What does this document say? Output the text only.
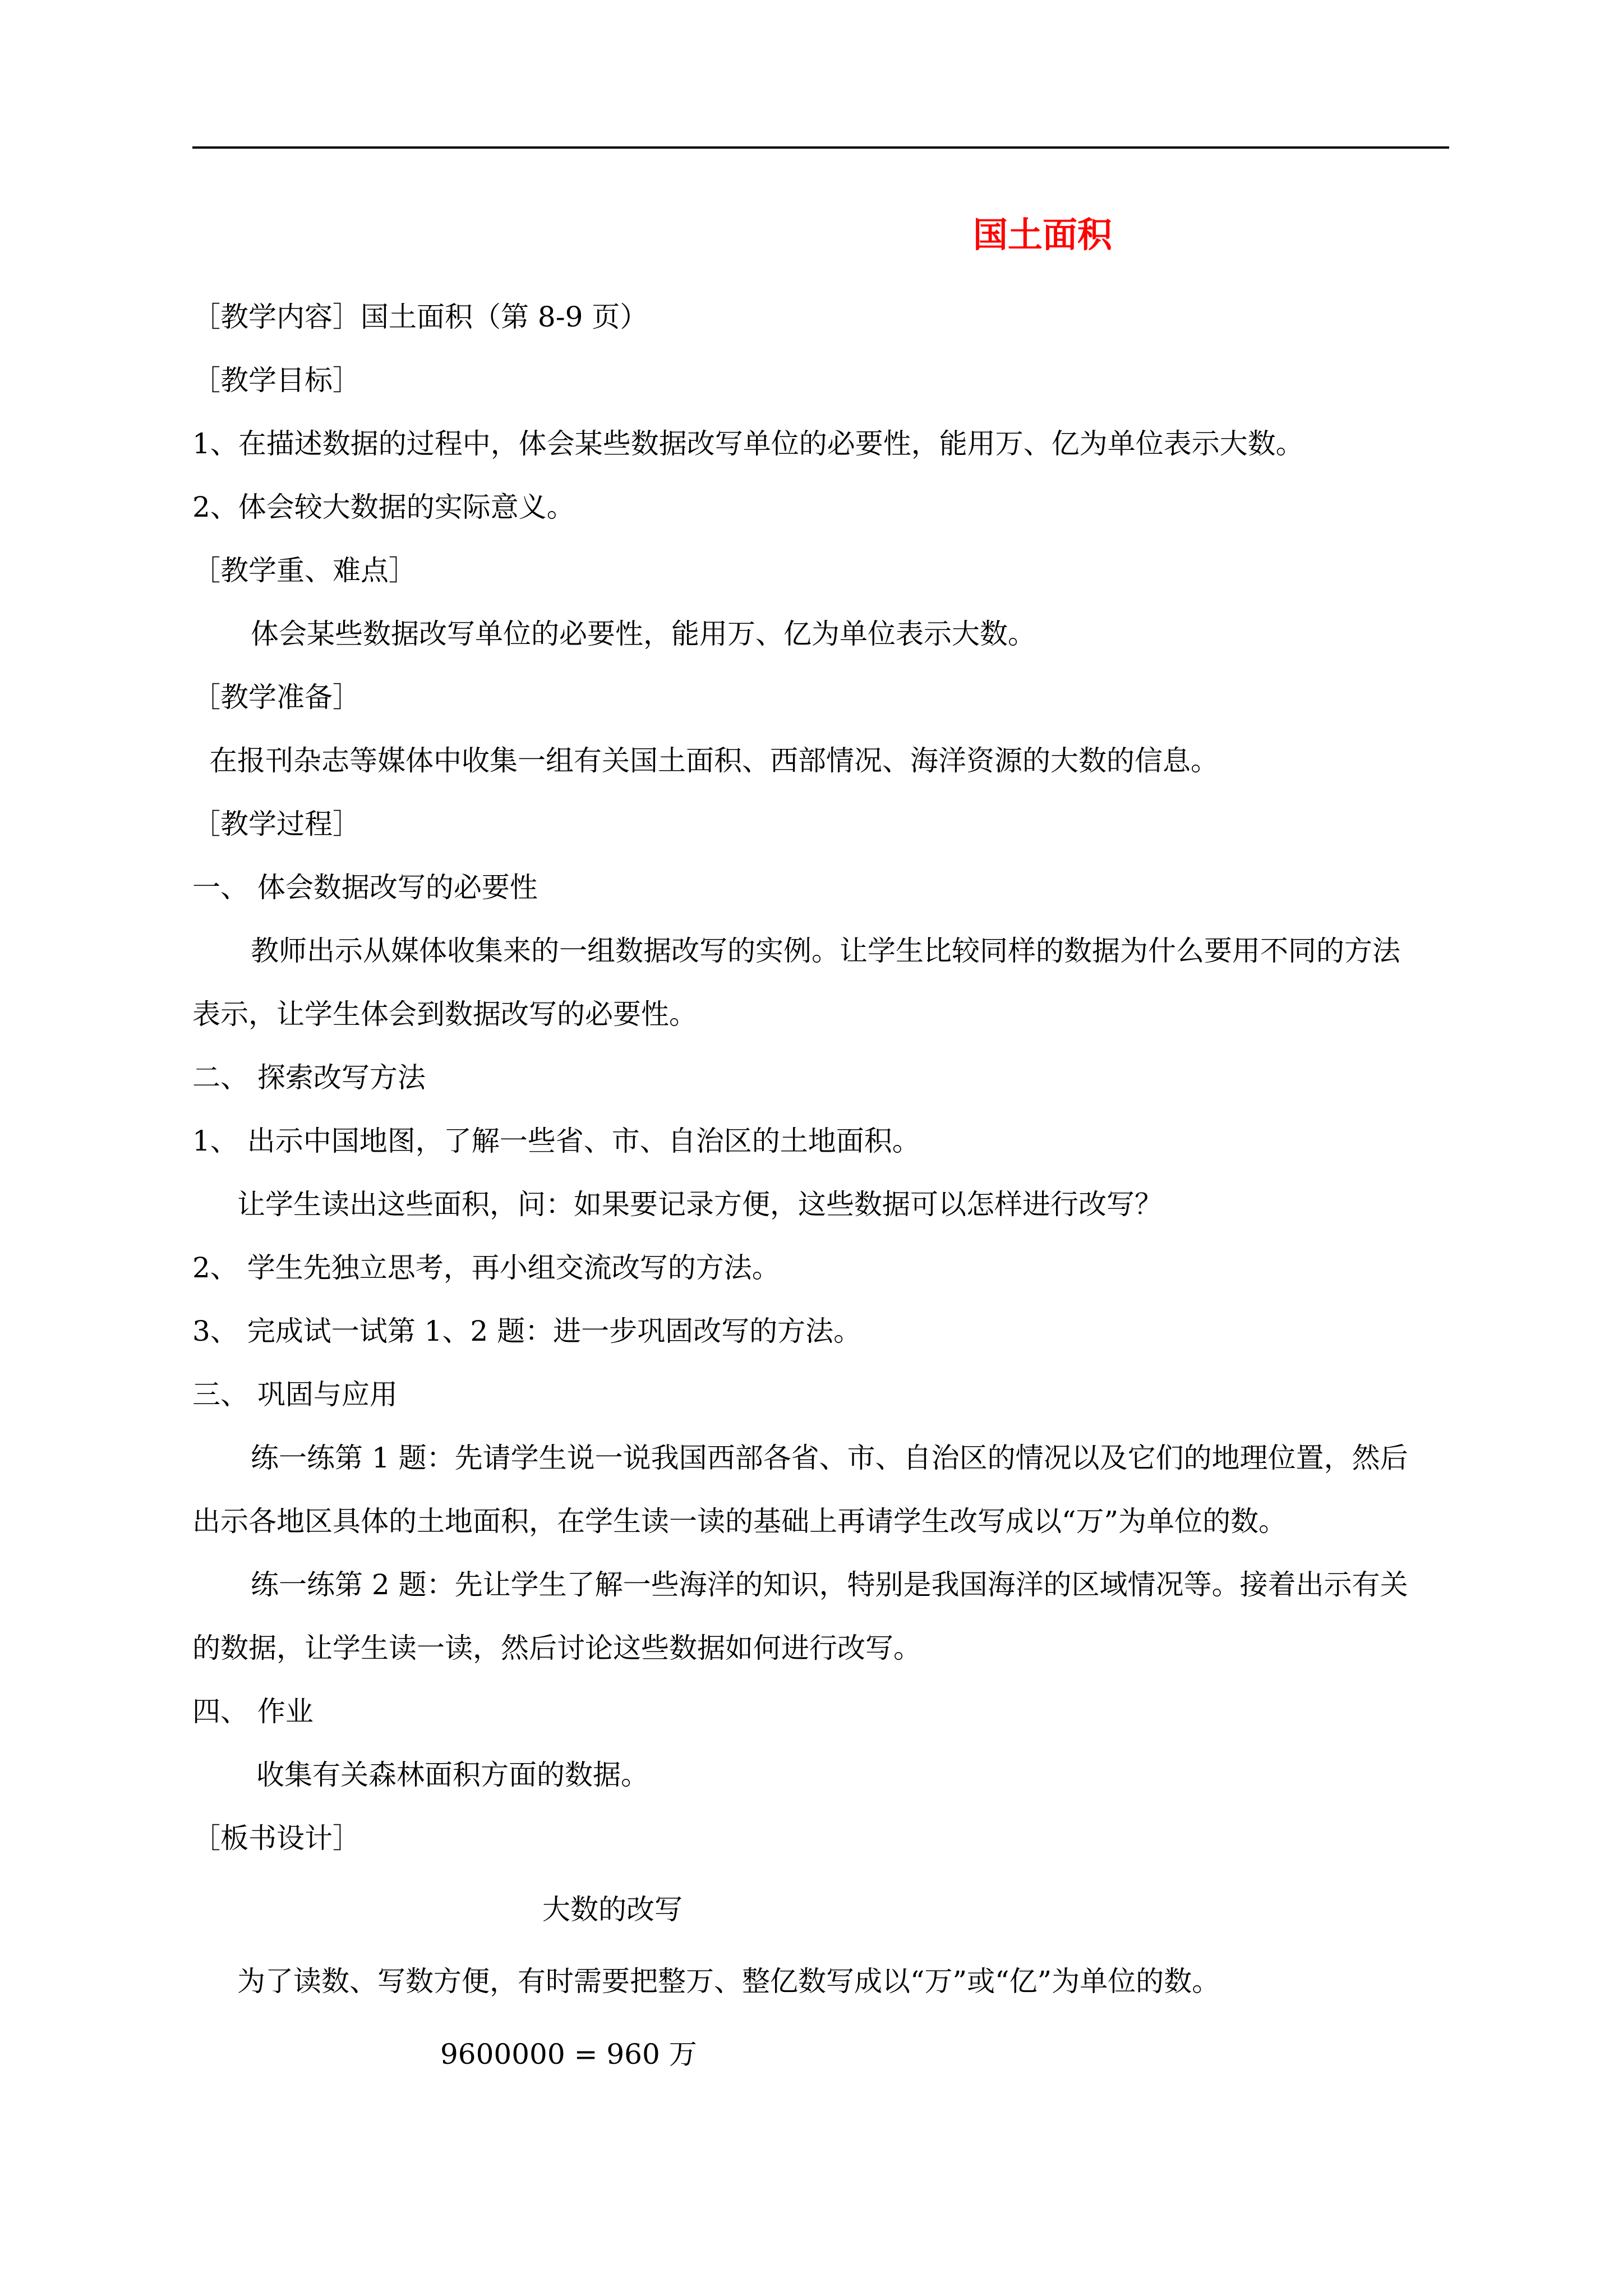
国土面积
［教学内容］国土面积（第 8-9 页）
［教学目标］
1、在描述数据的过程中，体会某些数据改写单位的必要性，能用万、亿为单位表示大数。
2、体会较大数据的实际意义。
［教学重、难点］
体会某些数据改写单位的必要性，能用万、亿为单位表示大数。
［教学准备］
在报刊杂志等媒体中收集一组有关国土面积、西部情况、海洋资源的大数的信息。
［教学过程］
一、 体会数据改写的必要性
教师出示从媒体收集来的一组数据改写的实例。让学生比较同样的数据为什么要用不同的方法
表示，让学生体会到数据改写的必要性。
二、 探索改写方法
1、 出示中国地图，了解一些省、市、自治区的土地面积。
让学生读出这些面积，问：如果要记录方便，这些数据可以怎样进行改写？
2、 学生先独立思考，再小组交流改写的方法。
3、 完成试一试第 1、2 题：进一步巩固改写的方法。
三、 巩固与应用
练一练第 1 题：先请学生说一说我国西部各省、市、自治区的情况以及它们的地理位置，然后
出示各地区具体的土地面积，在学生读一读的基础上再请学生改写成以“万”为单位的数。
练一练第 2 题：先让学生了解一些海洋的知识，特别是我国海洋的区域情况等。接着出示有关
的数据，让学生读一读，然后讨论这些数据如何进行改写。
四、 作业
收集有关森林面积方面的数据。
［板书设计］
大数的改写
为了读数、写数方便，有时需要把整万、整亿数写成以“万”或“亿”为单位的数。
9600000 = 960 万
